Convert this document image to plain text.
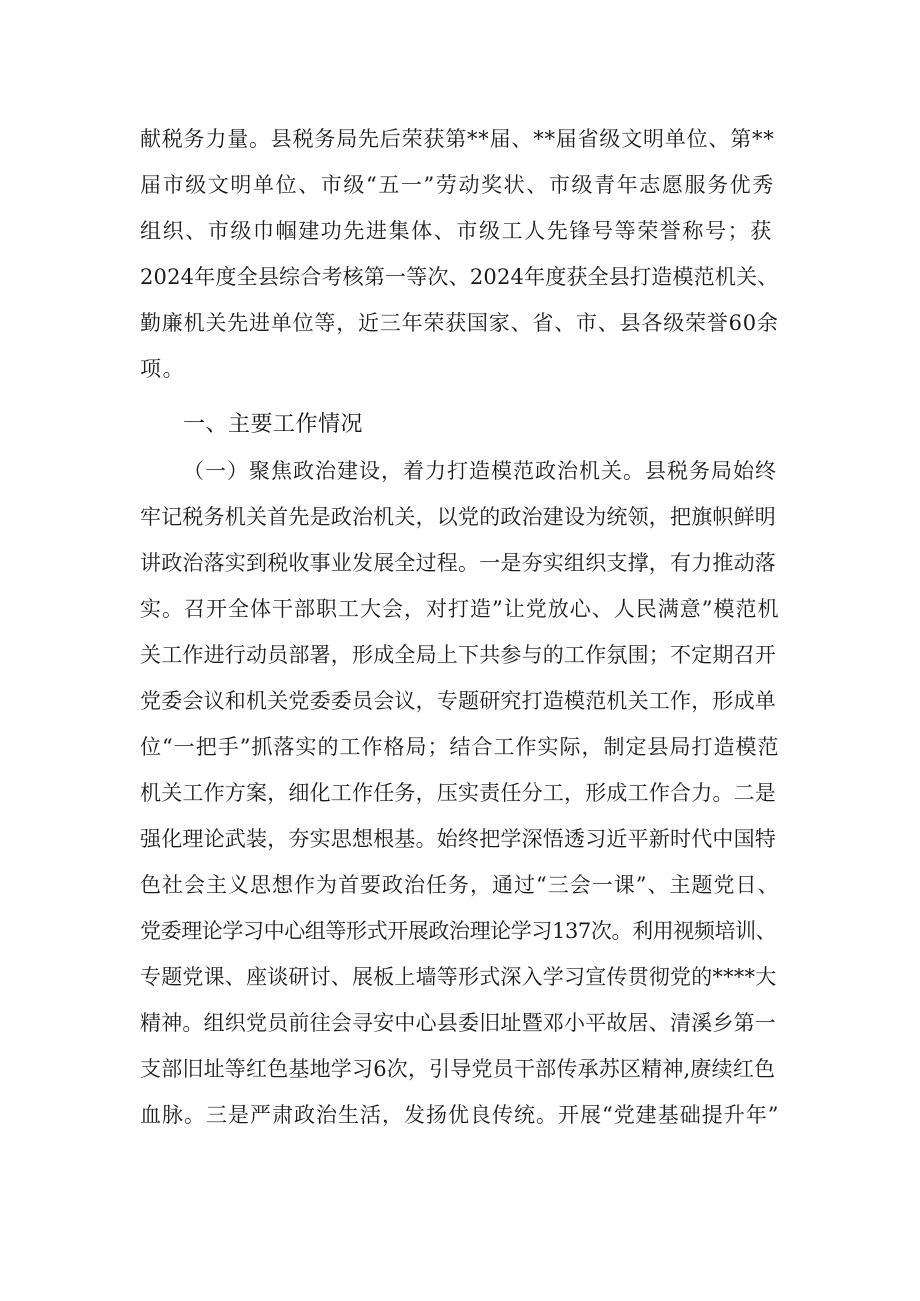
献税务力量。县税务局先后荣获第**届、**届省级文明单位、第**
届市级文明单位、市级“五一”劳动奖状、市级青年志愿服务优秀
组织、市级巾帼建功先进集体、市级工人先锋号等荣誉称号；获
2024年度全县综合考核第一等次、2024年度获全县打造模范机关、
勤廉机关先进单位等，近三年荣获国家、省、市、县各级荣誉60余
项。
一、主要工作情况
（一）聚焦政治建设，着力打造模范政治机关。县税务局始终
牢记税务机关首先是政治机关，以党的政治建设为统领，把旗帜鲜明
讲政治落实到税收事业发展全过程。一是夯实组织支撑，有力推动落
实。召开全体干部职工大会，对打造”让党放心、人民满意”模范机
关工作进行动员部署，形成全局上下共参与的工作氛围；不定期召开
党委会议和机关党委委员会议，专题研究打造模范机关工作，形成单
位“一把手”抓落实的工作格局；结合工作实际，制定县局打造模范
机关工作方案，细化工作任务，压实责任分工，形成工作合力。二是
强化理论武装，夯实思想根基。始终把学深悟透习近平新时代中国特
色社会主义思想作为首要政治任务，通过“三会一课”、主题党日、
党委理论学习中心组等形式开展政治理论学习137次。利用视频培训、
专题党课、座谈研讨、展板上墙等形式深入学习宣传贯彻党的****大
精神。组织党员前往会寻安中心县委旧址暨邓小平故居、清溪乡第一
支部旧址等红色基地学习6次，引导党员干部传承苏区精神,赓续红色
血脉。三是严肃政治生活，发扬优良传统。开展“党建基础提升年”
